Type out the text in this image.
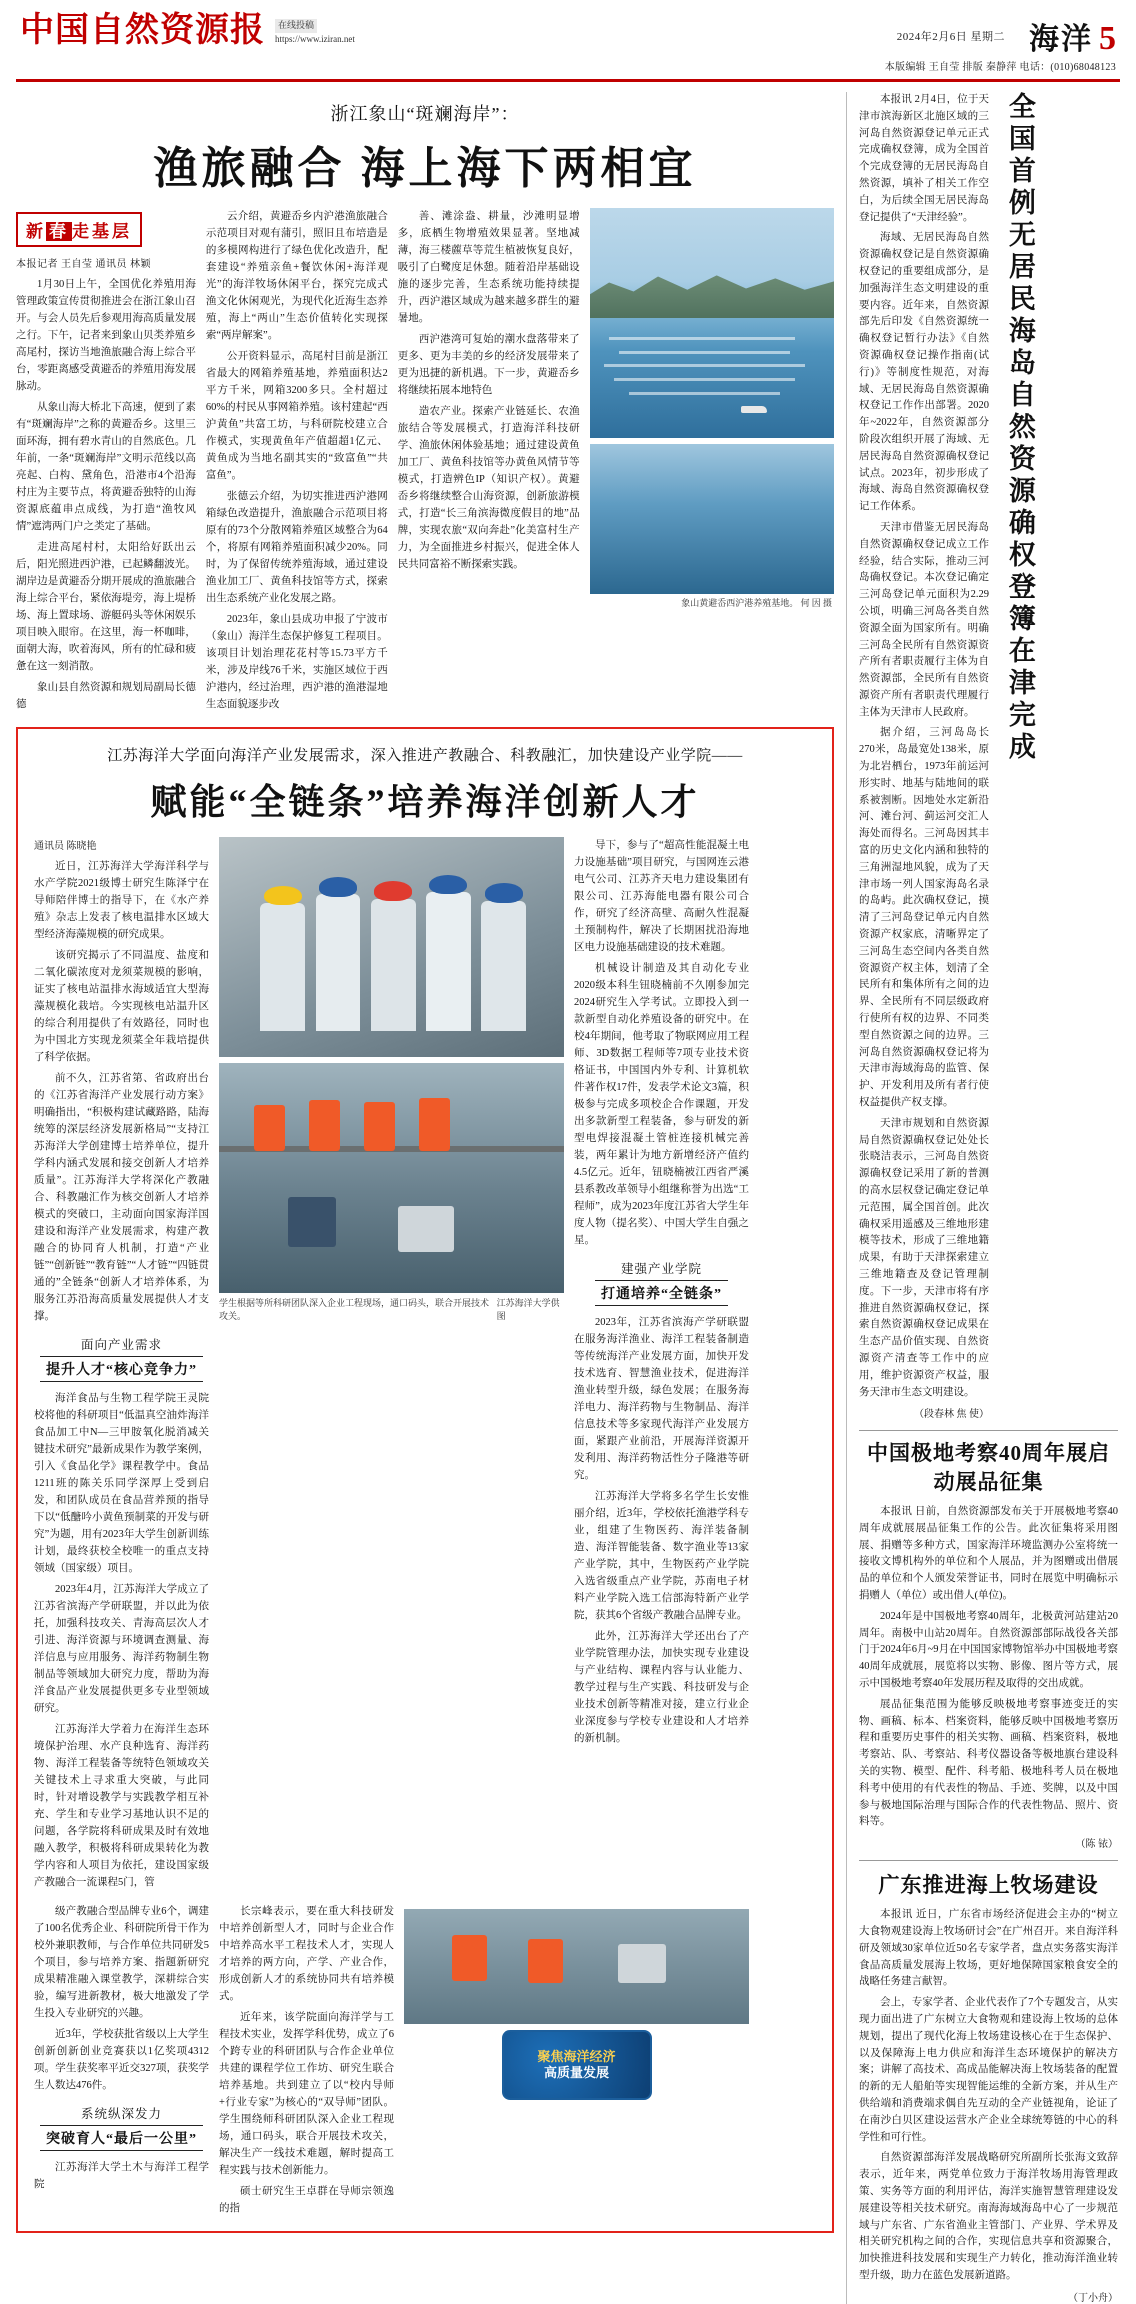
中国自然资源报	在线投稿
https://www.iziran.net	2024年2月6日 星期二 海洋 5
本版编辑 王自莹 排版 秦静萍 电话：(010)68048123
浙江象山“斑斓海岸”：
渔旅融合 海上海下两相宜
新 春 走基层
本报记者 王自莹 通讯员 林颖

1月30日上午，全国优化养殖用海管理政策宣传贯彻推进会在浙江象山召开。与会人员先后参观用海高质量发展之行。下午，记者来到象山贝类养殖乡高尾村，探访当地渔旅融合海上综合平台，零距离感受黄避岙的养殖用海发展脉动。

从象山海大桥北下高速，便到了素有“斑斓海岸”之称的黄避岙乡。这里三面环海，拥有碧水青山的自然底色。几年前，一条“斑斓海岸”文明示范线以高亮起、白构、黛角色，沿港市4个沿海村庄为主要节点，将黄避岙独特的山海资源底蕴串点成线，为打造“渔牧风情”遮湾两门户之类定了基础。

走进高尾村村，太阳给好跃出云后，阳光照进西沪港，已起鳞翻波光。湖岸边是黄避岙分期开展成的渔旅融合海上综合平台，紧依海堤旁，海上堤桥场、海上置球场、游艇码头等休闲娱乐项目映入眼帘。在这里，海一杯咖啡，面朝大海，吹着海风，所有的忙碌和疲惫在这一刻消散。

象山县自然资源和规划局副局长德德

云介绍，黄避岙乡内沪港渔旅融合示范项目对观有蒲引，照旧且布培造是的多模网构进行了绿色优化改造升，配套建设“养殖亲鱼+餐饮休闲+海洋观光”的海洋牧场休闲平台，探究完成式渔文化休闲观光，为现代化近海生态养殖，海上“两山”生态价值转化实现探索“两岸解案”。

公开资料显示，高尾村目前是浙江省最大的网箱养殖基地，养殖面积达2平方千米，网箱3200多只。全村超过60%的村民从事网箱养殖。该村建起“西沪黄鱼”共富工坊，与科研院校建立合作模式，实现黄鱼年产值超超1亿元、黄鱼成为当地名副其实的“致富鱼”“共富鱼”。

张德云介绍，为切实推进西沪港网箱绿色改造提升，渔旅融合示范项目将原有的73个分散网箱养殖区域整合为64个，将原有网箱养殖面积减少20%。同时，为了保留传统养殖海域，通过建设渔业加工厂、黄鱼科技馆等方式，探索出生态系统产业化发展之路。

2023年，象山县成功申报了宁波市（象山）海洋生态保护修复工程项目。该项目计划治理花花村等15.73平方千米，涉及岸线76千米，实施区域位于西沪港内，经过治理，西沪港的渔港湿地生态面貌逐步改

善、滩涂盎、耕量，沙滩明显增多，底栖生物增殖效果显著。坚地减薄，海三楼藨草等荒生植被恢复良好，吸引了白鹭度足休憩。随着沿岸基础设施的逐步完善，生态系统功能持续提升，西沪港区域成为越来越多群生的避暑地。

西沪港湾可复始的潮水盘落带来了更多、更为丰美的乡的经济发展带来了更为迅捷的新机遇。下一步，黄避岙乡将继续拓展本地特色

造农产业。探索产业链延长、农渔旅结合等发展模式，打造海洋科技研学、渔旅休闲体验基地；通过建设黄鱼加工厂、黄鱼科技馆等办黄鱼风情节等模式，打造辨色IP（知识产权）。黄避岙乡将继续整合山海资源，创新旅游模式，打造“长三角滨海微度假目的地”品牌，实现农旅“双向奔赴”化美富村生产力，为全面推进乡村振兴，促进全体人民共同富裕不断探索实践。

象山黄避岙西沪港养殖基地。 何 因 摄
江苏海洋大学面向海洋产业发展需求，深入推进产教融合、科教融汇，加快建设产业学院——
赋能“全链条”培养海洋创新人才
通讯员 陈晓艳

近日，江苏海洋大学海洋科学与水产学院2021级博士研究生陈泽宁在导师陪伴博士的指导下，在《水产养殖》杂志上发表了核电温排水区域大型经济海藻规模的研究成果。

该研究揭示了不同温度、盐度和二氧化碳浓度对龙须菜规模的影响，证实了核电站温排水海域适宜大型海藻规模化栽培。今实现核电站温升区的综合利用提供了有效路径，同时也为中国北方实现龙须菜全年栽培提供了科学依据。

前不久，江苏省第、省政府出台的《江苏省海洋产业发展行动方案》明确指出，“积极构建试藏路路，陆海统筹的深层经济发展新格局”“支持江苏海洋大学创建博士培养单位，提升学科内涵式发展和接交创新人才培养质量”。江苏海洋大学将深化产教融合、科教融汇作为核交创新人才培养模式的突破口，主动面向国家海洋国建设和海洋产业发展需求，构建产教融合的协同育人机制，打造“产业链”“创新链”“教育链”“人才链”“四链贯通的”全链条“创新人才培养体系，为服务江苏沿海高质量发展提供人才支撑。

面向产业需求
提升人才“核心竞争力”

海洋食品与生物工程学院王灵院校将他的科研项目“低温真空油炸海洋食品加工中N—三甲胺氧化脱消减关键技术研究”最新成果作为教学案例，引入《食品化学》课程教学中。食品1211班的陈关乐同学深厚上受到启发，和团队成员在食品营养预的指导下以“低醣吟小黄鱼预制菜的开发与研究”为题，用有2023年大学生创新训练计划，最终获校全校唯一的重点支持领域（国家级）项目。

2023年4月，江苏海洋大学成立了江苏省滨海产学研联盟，并以此为依托，加强科技攻关、青海高层次人才引进、海洋资源与环境调查测量、海洋信息与应用服务、海洋药物制生物制品等领域加大研究力度，帮助为海洋食品产业发展提供更多专业型领域研究。

江苏海洋大学着力在海洋生态环境保护治理、水产良种选育、海洋药物、海洋工程装备等统特色领域攻关关键技术上寻求重大突破，与此同时，针对增设教学与实践教学相互补充、学生和专业学习基地认识不足的问题，各学院将科研成果及时有效地融入教学，积极将科研成果转化为教学内容和人项目为依托，建设国家级产教融合一流课程5门，管

学生根据等所科研团队深入企业工程现场，通口码头，联合开展技术攻关。
江苏海洋大学供图

导下，参与了“超高性能混凝土电力设施基础”项目研究，与国网连云港电气公司、江苏齐天电力建设集团有限公司、江苏海能电器有限公司合作，研究了经济高壁、高耐久性混凝土预制构件，解决了长期困扰沿海地区电力设施基础建设的技术难题。

机械设计制造及其自动化专业2020级本科生钮晓楠前不久刚参加完2024研究生入学考试。立即投入到一款新型自动化养殖设备的研究中。在校4年期间，他考取了物联网应用工程师、3D数据工程师等7项专业技术资格证书，中国国内外专利、计算机软件著作权17件，发表学术论文3篇，积极参与完成多项校企合作课题，开发出多款新型工程装备，参与研发的新型电焊接混凝土管桩连接机械完善装，两年累计为地方新增经济产值约4.5亿元。近年，钮晓楠被江西省严溪县系教改革领导小组继称誉为出选“工程师”，成为2023年度江苏省大学生年度人物（提名奖）、中国大学生自强之星。

建强产业学院
打通培养“全链条”

2023年，江苏省滨海产学研联盟在服务海洋渔业、海洋工程装备制造等传统海洋产业发展方面，加快开发技术选育、智慧渔业技术，促进海洋渔业转型升级，绿色发展；在服务海洋电力、海洋药物与生物制品、海洋信息技术等多家现代海洋产业发展方面，紧跟产业前沿，开展海洋资源开发利用、海洋药物活性分子隆港等研究。

江苏海洋大学将多名学生长安惟丽介绍，近3年，学校依托渔港学科专业，组建了生物医药、海洋装备制造、海洋智能装备、数字渔业等13家产业学院，其中，生物医药产业学院入选省级重点产业学院，苏南电子材料产业学院入选工信部海特新产业学院，获其6个省级产教融合品牌专业。

此外，江苏海洋大学还出台了产业学院管理办法，加快实现专业建设与产业结构、课程内容与认业能力、教学过程与生产实践、科技研发与企业技术创新等精准对接，建立行业企业深度参与学校专业建设和人才培养的新机制。

级产教融合型品牌专业6个，调建了100名优秀企业、科研院所骨干作为校外兼职教师，与合作单位共同研发5个项目，参与培养方案、指题新研究成果精准融入课堂教学，深耕综合实验，编写进新教材，极大地激发了学生投入专业研究的兴趣。

近3年，学校获批省级以上大学生创新创新创业竞赛获以1亿奖项4312项。学生获奖率平近交327项，获奖学生人数达476件。

系统纵深发力
突破育人“最后一公里”

江苏海洋大学土木与海洋工程学院

长宗峰表示，要在重大科技研发中培养创新型人才，同时与企业合作中培养高水平工程技术人才，实现人才培养的两方向，产学、产业合作，形成创新人才的系统协同共有培养模式。

近年来，该学院面向海洋学与工程技术实业，发挥学科优势，成立了6个跨专业的科研团队与合作企业单位共建的课程学位工作坊、研究生联合培养基地。共到建立了以“校内导师+行业专家”为核心的“双导师”团队。学生围绕师科研团队深入企业工程现场，通口码头，联合开展技术攻关，解决生产一线技术难题，解时提高工程实践与技术创新能力。

硕士研究生王卓群在导师宗领逸的指

聚焦海洋经济
高质量发展

本报讯 2月4日，位于天津市滨海新区北施区域的三河岛自然资源登记单元正式完成确权登簿，成为全国首个完成登簿的无居民海岛自然资源，填补了相关工作空白，为后续全国无居民海岛登记提供了“天津经验”。

海域、无居民海岛自然资源确权登记是自然资源确权登记的重要组成部分，是加强海洋生态文明建设的重要内容。近年来，自然资源部先后印发《自然资源统一确权登记暂行办法》《自然资源确权登记操作指南(试行)》等制度性规范，对海域、无居民海岛自然资源确权登记工作作出部署。2020年~2022年，自然资源部分阶段次组织开展了海域、无居民海岛自然资源确权登记试点。2023年，初步形成了海域、海岛自然资源确权登记工作体系。

天津市借鉴无居民海岛自然资源确权登记成立工作经验，结合实际，推动三河岛确权登记。本次登记确定三河岛登记单元面积为2.29公顷，明确三河岛各类自然资源全面为国家所有。明确三河岛全民所有自然资源资产所有者职责履行主体为自然资源部，全民所有自然资源资产所有者职责代理履行主体为天津市人民政府。

据介绍，三河岛岛长270米，岛最宽处138米，原为北岩栖台，1973年前运河形实时、地基与陆地间的联系被割断。因地处水定新沿河、滩台河、蓟运河交汇人海处而得名。三河岛因其丰富的历史文化内涵和独特的三角洲湿地风貌，成为了天津市场一列人国家海岛名录的岛屿。此次确权登记，摸清了三河岛登记单元内自然资源产权家底，清晰界定了三河岛生态空间内各类自然资源资产权主体，划清了全民所有和集体所有之间的边界、全民所有不同层级政府行使所有权的边界、不同类型自然资源之间的边界。三河岛自然资源确权登记将为天津市海域海岛的监管、保护、开发利用及所有者行使权益提供产权支撑。

天津市规划和自然资源局自然资源确权登记处处长张晓洁表示，三河岛自然资源确权登记采用了新的普测的高水层权登记确定登记单元范围，属全国首创。此次确权采用遥感及三维地形建模等技术，形成了三维地籍成果，有助于天津探索建立三维地籍查及登记管理制度。下一步，天津市将有序推进自然资源确权登记，探索自然资源确权登记成果在生态产品价值实现、自然资源资产清查等工作中的应用，维护资源资产权益，服务天津市生态文明建设。

（段春林 焦 使）
全国首例无居民海岛自然资源确权登簿在津完成
中国极地考察40周年展启动展品征集

本报讯 日前，自然资源部发布关于开展极地考察40周年成就展展品征集工作的公告。此次征集将采用图展、捐赠等多种方式，国家海洋环境监测办公室将统一接收文博机构外的单位和个人展品，并为图赠或出借展品的单位和个人颁发荣誉证书，同时在展览中明确标示捐赠人（单位）或出借人(单位)。

2024年是中国极地考察40周年，北极黄河站建站20周年。南极中山站20周年。自然资源部部际战役各关部门于2024年6月~9月在中国国家博物馆举办中国极地考察40周年成就展，展览将以实物、影像、图片等方式，展示中国极地考察40年发展历程及取得的交出成就。

展品征集范围为能够反映极地考察事迹变迁的实物、画稿、标本、档案资料，能够反映中国极地考察历程和重要历史事件的相关实物、画稿、档案资料，极地考察站、队、考察站、科考仪器设备等极地旗台建设科关的实物、模型、配件、科考船、极地科考人员在极地科考中使用的有代表性的物品、手迹、奖牌，以及中国参与极地国际治理与国际合作的代表性物品、照片、资料等。

（陈 铱）
广东推进海上牧场建设

本报讯 近日，广东省市场经济促进会主办的“树立大食物观建设海上牧场研讨会”在广州召开。来自海洋科研及领域30家单位近50名专家学者，盘点实务落实海洋食品高质量发展海上牧场，更好地保障国家粮食安全的战略任务建言献智。

会上，专家学者、企业代表作了7个专题发言，从实现力面出进了广东树立大食物观和建设海上牧场的总体规划，提出了现代化海上牧场建设核心在于生态保护、以及保障海上电力供应和海洋生态环境保护的解决方案；讲解了高技术、高成品能解决海上牧场装备的配置的新的无人船舶等实现智能运维的全新方案，并从生产供给端和消费端求偶自先互动的全产业链视角，论证了在南沙白贝区建设运营水产企业全球统筹链的中心的科学性和可行性。

自然资源部海洋发展战略研究所副所长张海文致辞表示，近年来，两党单位致力于海洋牧场用海管理政策、实务等方面的利用评估，海洋实施智慧管理建设发展建设等相关技术研究。南海海域海岛中心了一步规范域与广东省、广东省渔业主管部门、产业界、学术界及相关研究机构之间的合作，实现信息共享和资源聚合，加快推进科技发展和实现生产力转化，推动海洋渔业转型升级，助力在蓝色发展新道路。

（丁小舟）
